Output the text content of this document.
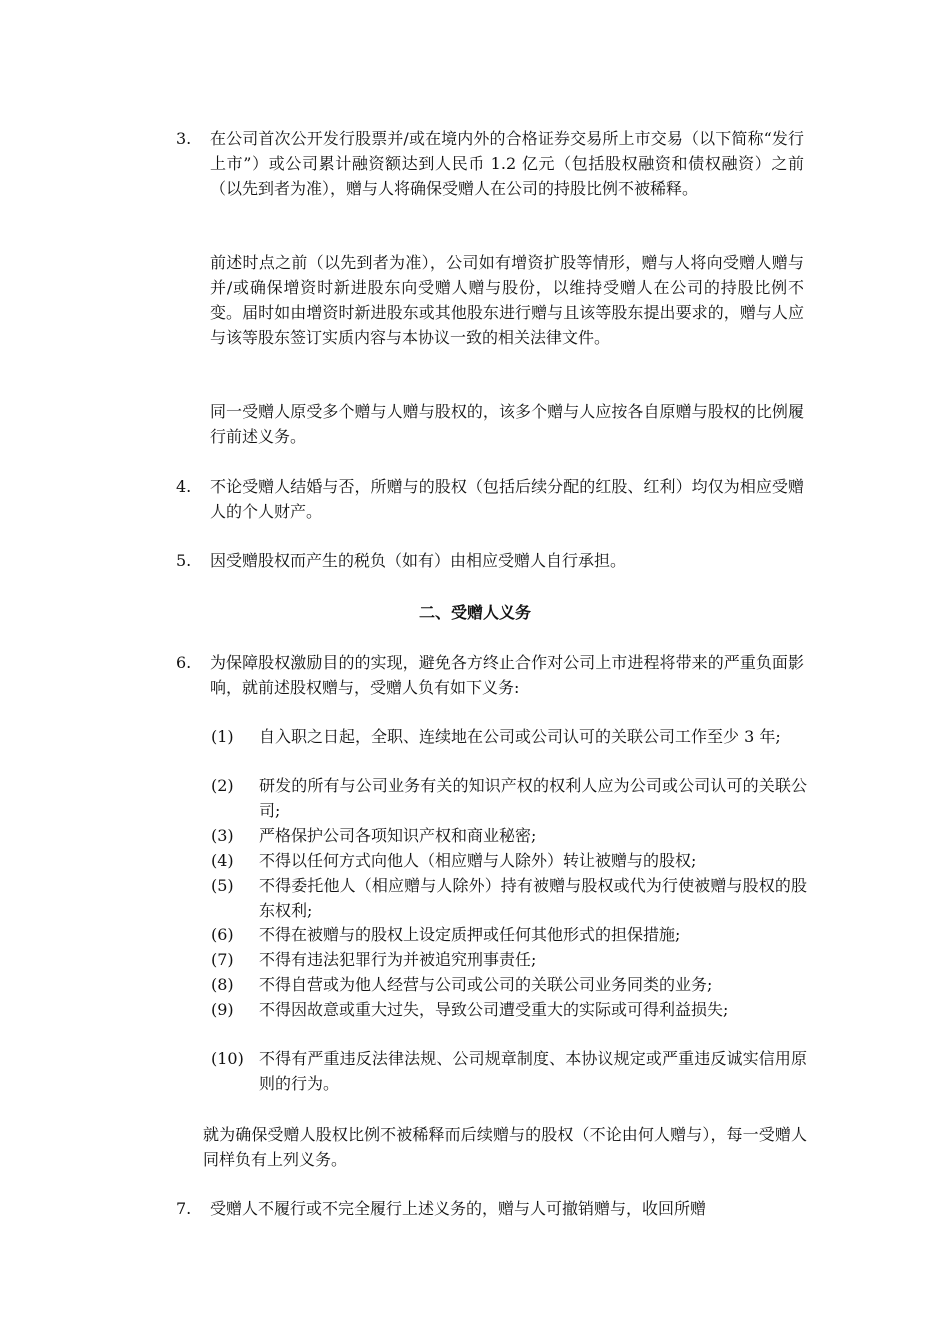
3. 在公司首次公开发行股票并/或在境内外的合格证券交易所上市交易（以下简称“发行上市”）或公司累计融资额达到人民币 1.2 亿元（包括股权融资和债权融资）之前（以先到者为准），赠与人将确保受赠人在公司的持股比例不被稀释。
前述时点之前（以先到者为准），公司如有增资扩股等情形，赠与人将向受赠人赠与并/或确保增资时新进股东向受赠人赠与股份，以维持受赠人在公司的持股比例不变。届时如由增资时新进股东或其他股东进行赠与且该等股东提出要求的，赠与人应与该等股东签订实质内容与本协议一致的相关法律文件。
同一受赠人原受多个赠与人赠与股权的，该多个赠与人应按各自原赠与股权的比例履行前述义务。
4. 不论受赠人结婚与否，所赠与的股权（包括后续分配的红股、红利）均仅为相应受赠人的个人财产。
5. 因受赠股权而产生的税负（如有）由相应受赠人自行承担。
二、受赠人义务
6. 为保障股权激励目的的实现，避免各方终止合作对公司上市进程将带来的严重负面影响，就前述股权赠与，受赠人负有如下义务:
(1) 自入职之日起，全职、连续地在公司或公司认可的关联公司工作至少 3 年;
(2) 研发的所有与公司业务有关的知识产权的权利人应为公司或公司认可的关联公司;
(3) 严格保护公司各项知识产权和商业秘密;
(4) 不得以任何方式向他人（相应赠与人除外）转让被赠与的股权;
(5) 不得委托他人（相应赠与人除外）持有被赠与股权或代为行使被赠与股权的股东权利;
(6) 不得在被赠与的股权上设定质押或任何其他形式的担保措施;
(7) 不得有违法犯罪行为并被追究刑事责任;
(8) 不得自营或为他人经营与公司或公司的关联公司业务同类的业务;
(9) 不得因故意或重大过失，导致公司遭受重大的实际或可得利益损失;
(10) 不得有严重违反法律法规、公司规章制度、本协议规定或严重违反诚实信用原则的行为。
就为确保受赠人股权比例不被稀释而后续赠与的股权（不论由何人赠与），每一受赠人同样负有上列义务。
7. 受赠人不履行或不完全履行上述义务的，赠与人可撤销赠与，收回所赠
